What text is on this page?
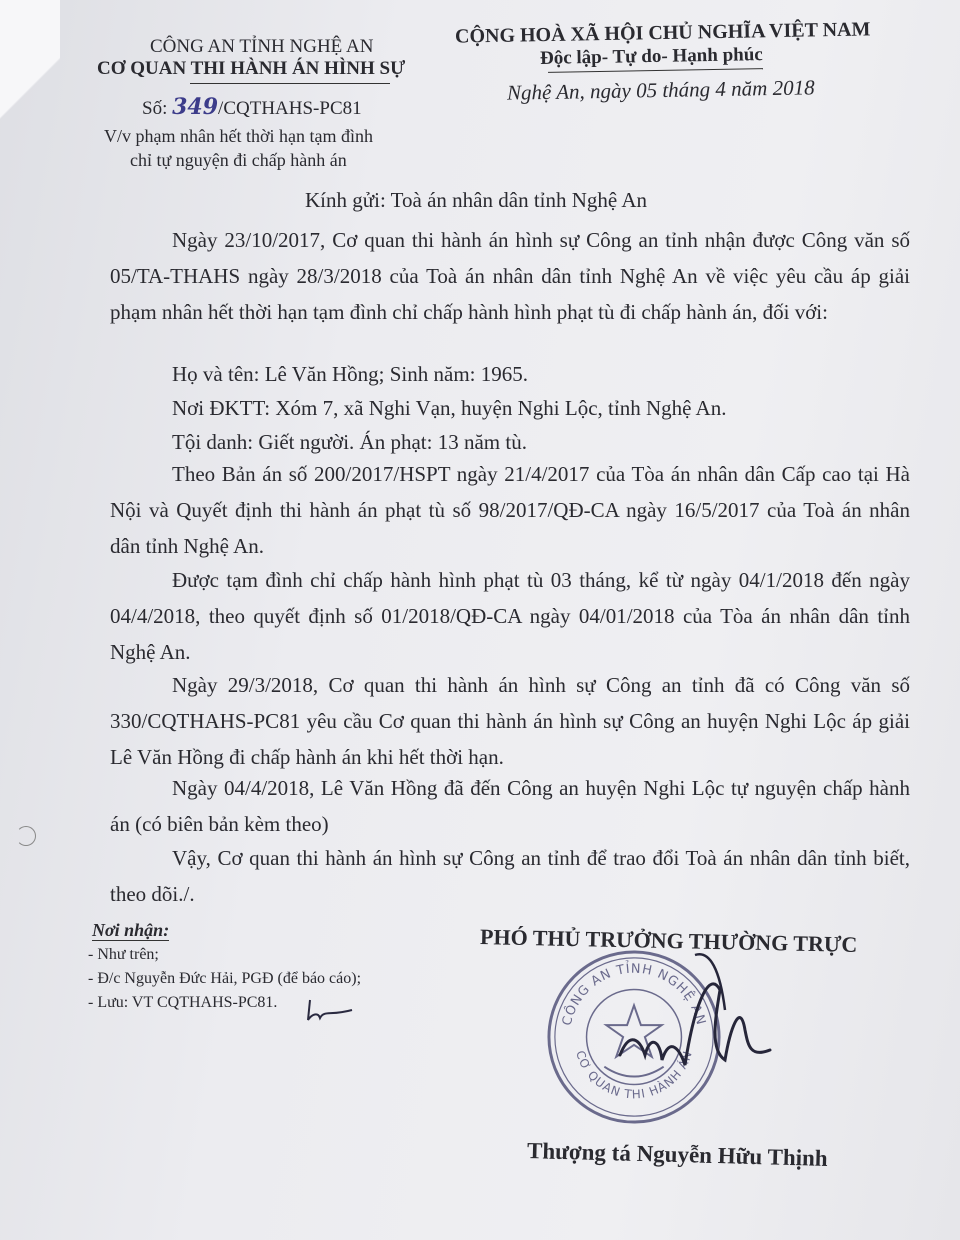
CÔNG AN TỈNH NGHỆ AN
CƠ QUAN THI HÀNH ÁN HÌNH SỰ
Số: 349/CQTHAHS-PC81
V/v phạm nhân hết thời hạn tạm đình
chỉ tự nguyện đi chấp hành án
CỘNG HOÀ XÃ HỘI CHỦ NGHĨA VIỆT NAM
Độc lập- Tự do- Hạnh phúc
Nghệ An, ngày 05 tháng 4 năm 2018
Kính gửi: Toà án nhân dân tỉnh Nghệ An
Ngày 23/10/2017, Cơ quan thi hành án hình sự Công an tỉnh nhận được Công văn số 05/TA-THAHS ngày 28/3/2018 của Toà án nhân dân tỉnh Nghệ An về việc yêu cầu áp giải phạm nhân hết thời hạn tạm đình chỉ chấp hành hình phạt tù đi chấp hành án, đối với:
Họ và tên: Lê Văn Hồng; Sinh năm: 1965.
Nơi ĐKTT: Xóm 7, xã Nghi Vạn, huyện Nghi Lộc, tỉnh Nghệ An.
Tội danh: Giết người. Án phạt: 13 năm tù.
Theo Bản án số 200/2017/HSPT ngày 21/4/2017 của Tòa án nhân dân Cấp cao tại Hà Nội và Quyết định thi hành án phạt tù số 98/2017/QĐ-CA ngày 16/5/2017 của Toà án nhân dân tỉnh Nghệ An.
Được tạm đình chỉ chấp hành hình phạt tù 03 tháng, kể từ ngày 04/1/2018 đến ngày 04/4/2018, theo quyết định số 01/2018/QĐ-CA ngày 04/01/2018 của Tòa án nhân dân tỉnh Nghệ An.
Ngày 29/3/2018, Cơ quan thi hành án hình sự Công an tỉnh đã có Công văn số 330/CQTHAHS-PC81 yêu cầu Cơ quan thi hành án hình sự Công an huyện Nghi Lộc áp giải Lê Văn Hồng đi chấp hành án khi hết thời hạn.
Ngày 04/4/2018, Lê Văn Hồng đã đến Công an huyện Nghi Lộc tự nguyện chấp hành án (có biên bản kèm theo)
Vậy, Cơ quan thi hành án hình sự Công an tỉnh để trao đổi Toà án nhân dân tỉnh biết, theo dõi./.
Nơi nhận:
- Như trên;
- Đ/c Nguyễn Đức Hải, PGĐ (để báo cáo);
- Lưu: VT CQTHAHS-PC81.
PHÓ THỦ TRƯỞNG THƯỜNG TRỰC
CÔNG AN TỈNH NGHỆ AN
CƠ QUAN THI HÀNH ÁN
Thượng tá Nguyễn Hữu Thịnh
